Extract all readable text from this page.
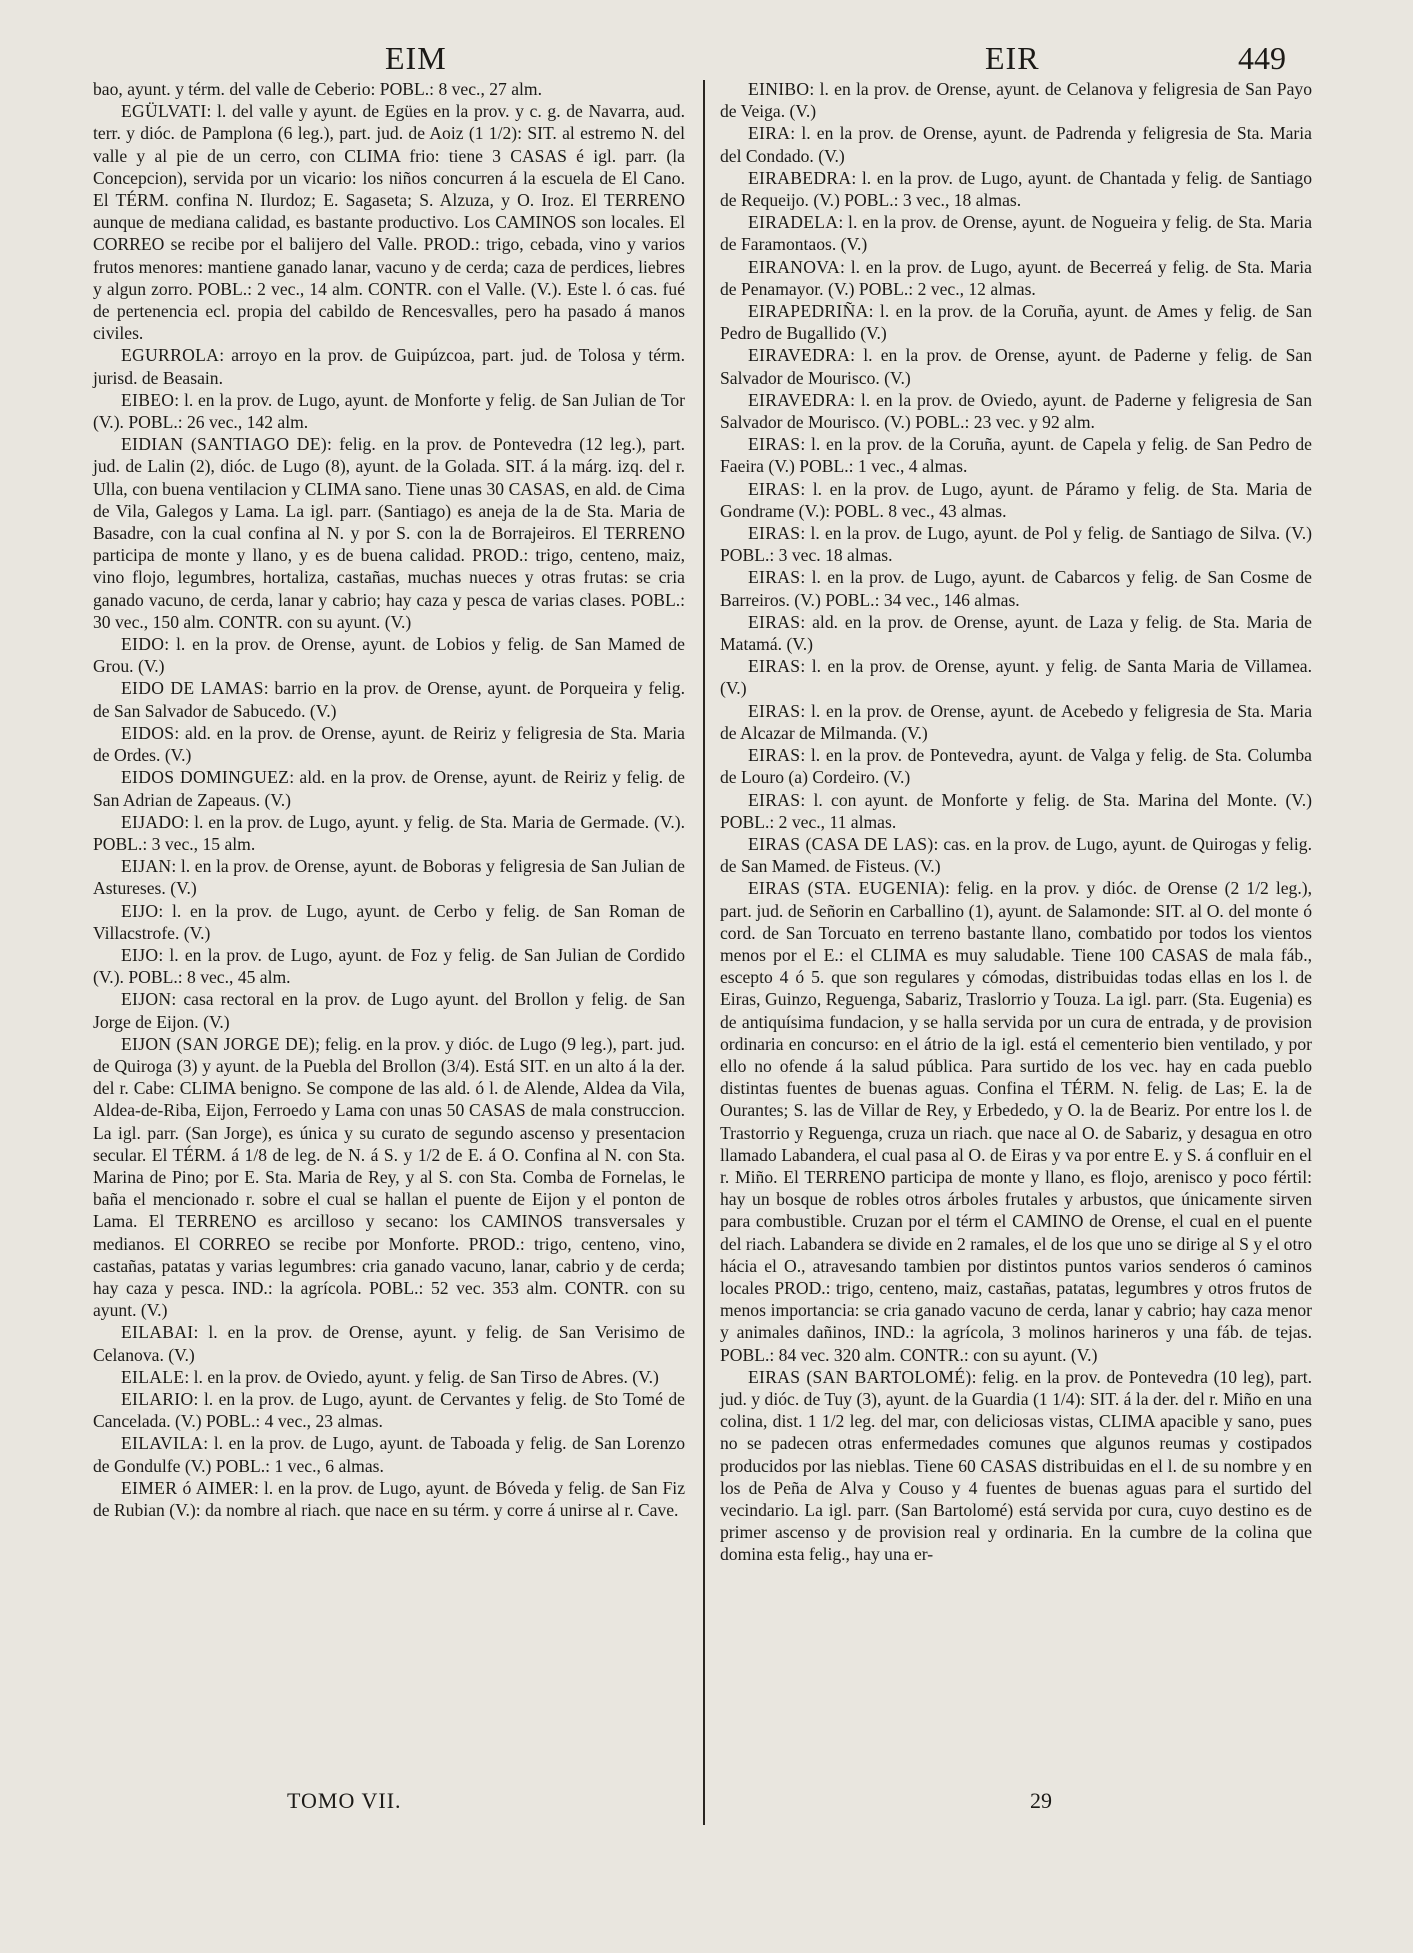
EIM	EIR	449

bao, ayunt. y térm. del valle de Ceberio: POBL.: 8 vec., 27 alm.

EGÜLVATI: l. del valle y ayunt. de Egües en la prov. y c. g. de Navarra, aud. terr. y dióc. de Pamplona (6 leg.), part. jud. de Aoiz (1 1/2): SIT. al estremo N. del valle y al pie de un cerro, con CLIMA frio: tiene 3 CASAS é igl. parr. (la Concepcion), servida por un vicario: los niños concurren á la escuela de El Cano. El TÉRM. confina N. Ilurdoz; E. Sagaseta; S. Alzuza, y O. Iroz. El TERRENO aunque de mediana calidad, es bastante productivo. Los CAMINOS son locales. El CORREO se recibe por el balijero del Valle. PROD.: trigo, cebada, vino y varios frutos menores: mantiene ganado lanar, vacuno y de cerda; caza de perdices, liebres y algun zorro. POBL.: 2 vec., 14 alm. CONTR. con el Valle. (V.). Este l. ó cas. fué de pertenencia ecl. propia del cabildo de Rencesvalles, pero ha pasado á manos civiles.

EGURROLA: arroyo en la prov. de Guipúzcoa, part. jud. de Tolosa y térm. jurisd. de Beasain.

EIBEO: l. en la prov. de Lugo, ayunt. de Monforte y felig. de San Julian de Tor (V.). POBL.: 26 vec., 142 alm.

EIDIAN (SANTIAGO DE): felig. en la prov. de Pontevedra (12 leg.), part. jud. de Lalin (2), dióc. de Lugo (8), ayunt. de la Golada. SIT. á la márg. izq. del r. Ulla, con buena ventilacion y CLIMA sano. Tiene unas 30 CASAS, en ald. de Cima de Vila, Galegos y Lama. La igl. parr. (Santiago) es aneja de la de Sta. Maria de Basadre, con la cual confina al N. y por S. con la de Borrajeiros. El TERRENO participa de monte y llano, y es de buena calidad. PROD.: trigo, centeno, maiz, vino flojo, legumbres, hortaliza, castañas, muchas nueces y otras frutas: se cria ganado vacuno, de cerda, lanar y cabrio; hay caza y pesca de varias clases. POBL.: 30 vec., 150 alm. CONTR. con su ayunt. (V.)

EIDO: l. en la prov. de Orense, ayunt. de Lobios y felig. de San Mamed de Grou. (V.)

EIDO DE LAMAS: barrio en la prov. de Orense, ayunt. de Porqueira y felig. de San Salvador de Sabucedo. (V.)

EIDOS: ald. en la prov. de Orense, ayunt. de Reiriz y feligresia de Sta. Maria de Ordes. (V.)

EIDOS DOMINGUEZ: ald. en la prov. de Orense, ayunt. de Reiriz y felig. de San Adrian de Zapeaus. (V.)

EIJADO: l. en la prov. de Lugo, ayunt. y felig. de Sta. Maria de Germade. (V.). POBL.: 3 vec., 15 alm.

EIJAN: l. en la prov. de Orense, ayunt. de Boboras y feligresia de San Julian de Astureses. (V.)

EIJO: l. en la prov. de Lugo, ayunt. de Cerbo y felig. de San Roman de Villacstrofe. (V.)

EIJO: l. en la prov. de Lugo, ayunt. de Foz y felig. de San Julian de Cordido (V.). POBL.: 8 vec., 45 alm.

EIJON: casa rectoral en la prov. de Lugo ayunt. del Brollon y felig. de San Jorge de Eijon. (V.)

EIJON (SAN JORGE DE); felig. en la prov. y dióc. de Lugo (9 leg.), part. jud. de Quiroga (3) y ayunt. de la Puebla del Brollon (3/4). Está SIT. en un alto á la der. del r. Cabe: CLIMA benigno. Se compone de las ald. ó l. de Alende, Aldea da Vila, Aldea-de-Riba, Eijon, Ferroedo y Lama con unas 50 CASAS de mala construccion. La igl. parr. (San Jorge), es única y su curato de segundo ascenso y presentacion secular. El TÉRM. á 1/8 de leg. de N. á S. y 1/2 de E. á O. Confina al N. con Sta. Marina de Pino; por E. Sta. Maria de Rey, y al S. con Sta. Comba de Fornelas, le baña el mencionado r. sobre el cual se hallan el puente de Eijon y el ponton de Lama. El TERRENO es arcilloso y secano: los CAMINOS transversales y medianos. El CORREO se recibe por Monforte. PROD.: trigo, centeno, vino, castañas, patatas y varias legumbres: cria ganado vacuno, lanar, cabrio y de cerda; hay caza y pesca. IND.: la agrícola. POBL.: 52 vec. 353 alm. CONTR. con su ayunt. (V.)

EILABAI: l. en la prov. de Orense, ayunt. y felig. de San Verisimo de Celanova. (V.)

EILALE: l. en la prov. de Oviedo, ayunt. y felig. de San Tirso de Abres. (V.)

EILARIO: l. en la prov. de Lugo, ayunt. de Cervantes y felig. de Sto Tomé de Cancelada. (V.) POBL.: 4 vec., 23 almas.

EILAVILA: l. en la prov. de Lugo, ayunt. de Taboada y felig. de San Lorenzo de Gondulfe (V.) POBL.: 1 vec., 6 almas.

EIMER ó AIMER: l. en la prov. de Lugo, ayunt. de Bóveda y felig. de San Fiz de Rubian (V.): da nombre al riach. que nace en su térm. y corre á unirse al r. Cave.

EINIBO: l. en la prov. de Orense, ayunt. de Celanova y feligresia de San Payo de Veiga. (V.)

EIRA: l. en la prov. de Orense, ayunt. de Padrenda y feligresia de Sta. Maria del Condado. (V.)

EIRABEDRA: l. en la prov. de Lugo, ayunt. de Chantada y felig. de Santiago de Requeijo. (V.) POBL.: 3 vec., 18 almas.

EIRADELA: l. en la prov. de Orense, ayunt. de Nogueira y felig. de Sta. Maria de Faramontaos. (V.)

EIRANOVA: l. en la prov. de Lugo, ayunt. de Becerreá y felig. de Sta. Maria de Penamayor. (V.) POBL.: 2 vec., 12 almas.

EIRAPEDRIÑA: l. en la prov. de la Coruña, ayunt. de Ames y felig. de San Pedro de Bugallido (V.)

EIRAVEDRA: l. en la prov. de Orense, ayunt. de Paderne y felig. de San Salvador de Mourisco. (V.)

EIRAVEDRA: l. en la prov. de Oviedo, ayunt. de Paderne y feligresia de San Salvador de Mourisco. (V.) POBL.: 23 vec. y 92 alm.

EIRAS: l. en la prov. de la Coruña, ayunt. de Capela y felig. de San Pedro de Faeira (V.) POBL.: 1 vec., 4 almas.

EIRAS: l. en la prov. de Lugo, ayunt. de Páramo y felig. de Sta. Maria de Gondrame (V.): POBL. 8 vec., 43 almas.

EIRAS: l. en la prov. de Lugo, ayunt. de Pol y felig. de Santiago de Silva. (V.) POBL.: 3 vec. 18 almas.

EIRAS: l. en la prov. de Lugo, ayunt. de Cabarcos y felig. de San Cosme de Barreiros. (V.) POBL.: 34 vec., 146 almas.

EIRAS: ald. en la prov. de Orense, ayunt. de Laza y felig. de Sta. Maria de Matamá. (V.)

EIRAS: l. en la prov. de Orense, ayunt. y felig. de Santa Maria de Villamea. (V.)

EIRAS: l. en la prov. de Orense, ayunt. de Acebedo y feligresia de Sta. Maria de Alcazar de Milmanda. (V.)

EIRAS: l. en la prov. de Pontevedra, ayunt. de Valga y felig. de Sta. Columba de Louro (a) Cordeiro. (V.)

EIRAS: l. con ayunt. de Monforte y felig. de Sta. Marina del Monte. (V.) POBL.: 2 vec., 11 almas.

EIRAS (CASA DE LAS): cas. en la prov. de Lugo, ayunt. de Quirogas y felig. de San Mamed. de Fisteus. (V.)

EIRAS (STA. EUGENIA): felig. en la prov. y dióc. de Orense (2 1/2 leg.), part. jud. de Señorin en Carballino (1), ayunt. de Salamonde: SIT. al O. del monte ó cord. de San Torcuato en terreno bastante llano, combatido por todos los vientos menos por el E.: el CLIMA es muy saludable. Tiene 100 CASAS de mala fáb., escepto 4 ó 5. que son regulares y cómodas, distribuidas todas ellas en los l. de Eiras, Guinzo, Reguenga, Sabariz, Traslorrio y Touza. La igl. parr. (Sta. Eugenia) es de antiquísima fundacion, y se halla servida por un cura de entrada, y de provision ordinaria en concurso: en el átrio de la igl. está el cementerio bien ventilado, y por ello no ofende á la salud pública. Para surtido de los vec. hay en cada pueblo distintas fuentes de buenas aguas. Confina el TÉRM. N. felig. de Las; E. la de Ourantes; S. las de Villar de Rey, y Erbededo, y O. la de Beariz. Por entre los l. de Trastorrio y Reguenga, cruza un riach. que nace al O. de Sabariz, y desagua en otro llamado Labandera, el cual pasa al O. de Eiras y va por entre E. y S. á confluir en el r. Miño. El TERRENO participa de monte y llano, es flojo, arenisco y poco fértil: hay un bosque de robles otros árboles frutales y arbustos, que únicamente sirven para combustible. Cruzan por el térm el CAMINO de Orense, el cual en el puente del riach. Labandera se divide en 2 ramales, el de los que uno se dirige al S y el otro hácia el O., atravesando tambien por distintos puntos varios senderos ó caminos locales PROD.: trigo, centeno, maiz, castañas, patatas, legumbres y otros frutos de menos importancia: se cria ganado vacuno de cerda, lanar y cabrio; hay caza menor y animales dañinos, IND.: la agrícola, 3 molinos harineros y una fáb. de tejas. POBL.: 84 vec. 320 alm. CONTR.: con su ayunt. (V.)

EIRAS (SAN BARTOLOMÉ): felig. en la prov. de Pontevedra (10 leg), part. jud. y dióc. de Tuy (3), ayunt. de la Guardia (1 1/4): SIT. á la der. del r. Miño en una colina, dist. 1 1/2 leg. del mar, con deliciosas vistas, CLIMA apacible y sano, pues no se padecen otras enfermedades comunes que algunos reumas y costipados producidos por las nieblas. Tiene 60 CASAS distribuidas en el l. de su nombre y en los de Peña de Alva y Couso y 4 fuentes de buenas aguas para el surtido del vecindario. La igl. parr. (San Bartolomé) está servida por cura, cuyo destino es de primer ascenso y de provision real y ordinaria. En la cumbre de la colina que domina esta felig., hay una er-

TOMO VII.	29
